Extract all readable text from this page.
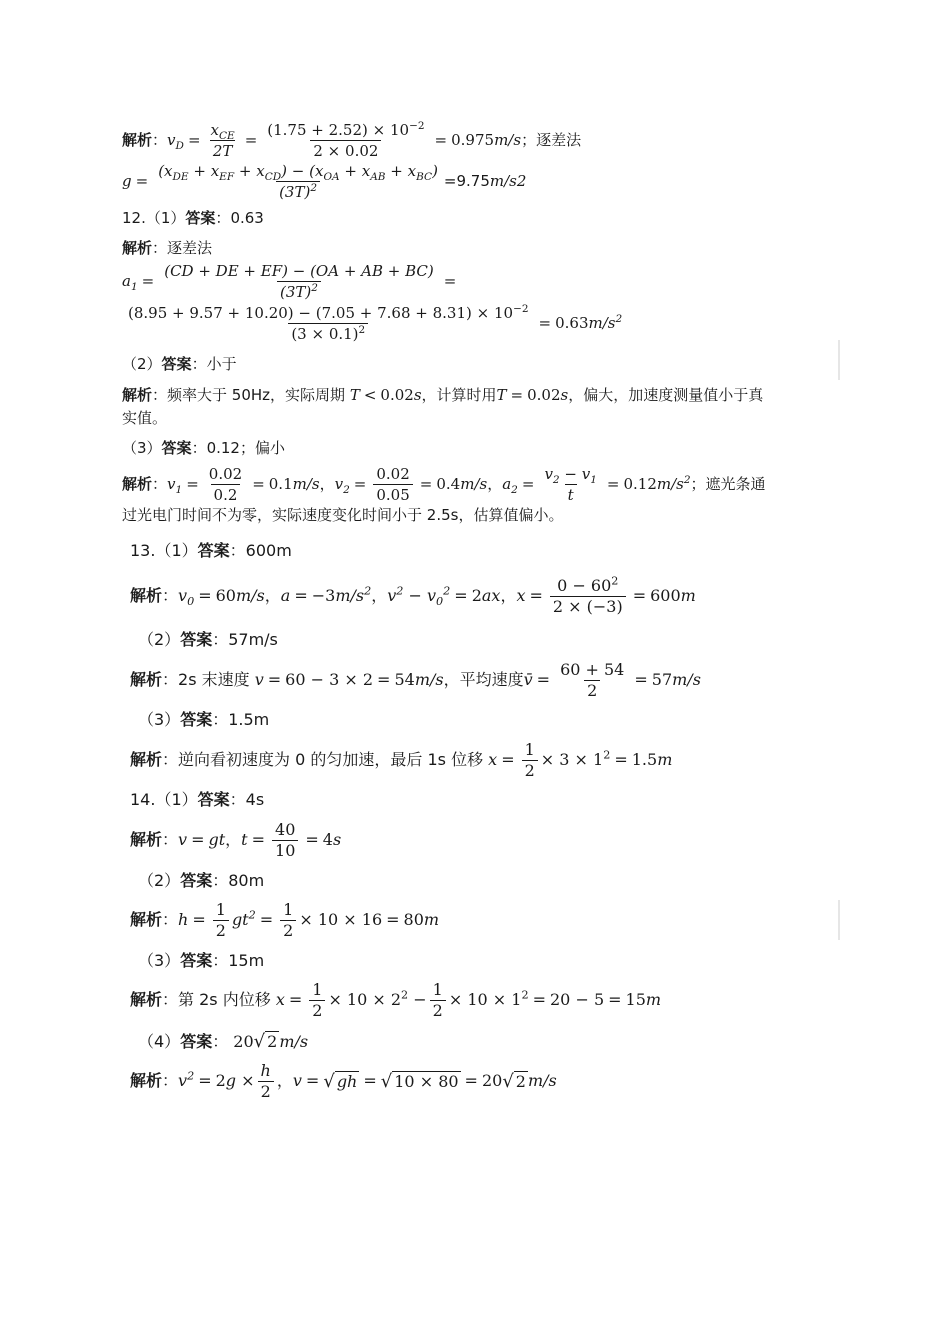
解析 ： $v_D = \frac{x_{CE}}{2T} = \frac{(1.75 + 2.52) \times 10^{-2}}{2 \times 0.02} = 0.975$ m/s ；逐差法
$g = \frac{(x_{DE} + x_{EF} + x_{CD}) - (x_{OA} + x_{AB} + x_{BC})}{(3T)^2} =9.75$ m/s2
12. （1） 答案 ： 0.63
解析 ： 逐差法
$a_1 = \frac{(CD + DE + EF) - (OA + AB + BC)}{(3T)^2}$ =
$\frac{(8.95 + 9.57 + 10.20) - (7.05 + 7.68 + 8.31) \times 10^{-2}}{(3 \times 0.1)^2} = 0.63$ $m/s^2$
（2） 答案 ： 小于
解析 ： 频率大于 50Hz，实际周期 T < 0.02 s ，计算时用 T = 0.02 s ，偏大，加速度测量值小于真
实值。
（3） 答案 ： 0.12；偏小
解析 ： $v_1 = \frac{0.02}{0.2} = 0.1$ m/s ， $v_2 = \frac{0.02}{0.05} = 0.4$ m/s ， $a_2 = \frac{v_2 - v_1}{t} = 0.12$ $m/s^2$ ；遮光条通
过光电门时间不为零，实际速度变化时间小于 2.5s，估算值偏小。
13. （1） 答案 ： 600m
解析 ： $v_0 = 60$ m/s ， a = −3 $m/s^2$ ， $v^2 - v_0^2 = 2$ ax ， $x = \frac{0 - 60^2}{2 \times (-3)} = 600$ m
（2） 答案 ： 57m/s
解析 ： 2s 末速度 v = 60 − 3 × 2 = 54 m/s ，平均速度 v̄ = $\frac{60 + 54}{2} = 57$ m/s
（3） 答案 ： 1.5m
解析 ： 逆向看初速度为 0 的匀加速，最后 1s 位移 $x = \frac{1}{2} \times 3 \times 1^2 = 1.5$ m
14. （1） 答案 ： 4s
解析 ： v = gt ， $t = \frac{40}{10} = 4$ s
（2） 答案 ： 80m
解析 ： $h = \frac{1}{2} gt^2 = \frac{1}{2} \times 10 \times 16 = 80$ m
（3） 答案 ： 15m
解析 ： 第 2s 内位移 $x = \frac{1}{2} \times 10 \times 2^2 - \frac{1}{2} \times 10 \times 1^2 = 20 - 5 = 15$ m
（4） 答案 ： 20 √ 2 m/s
解析 ： $v^2 = 2$ $g \times \frac{h}{2}$ ， v = √ gh = √ 10 × 80 = 20 √ 2 m/s
